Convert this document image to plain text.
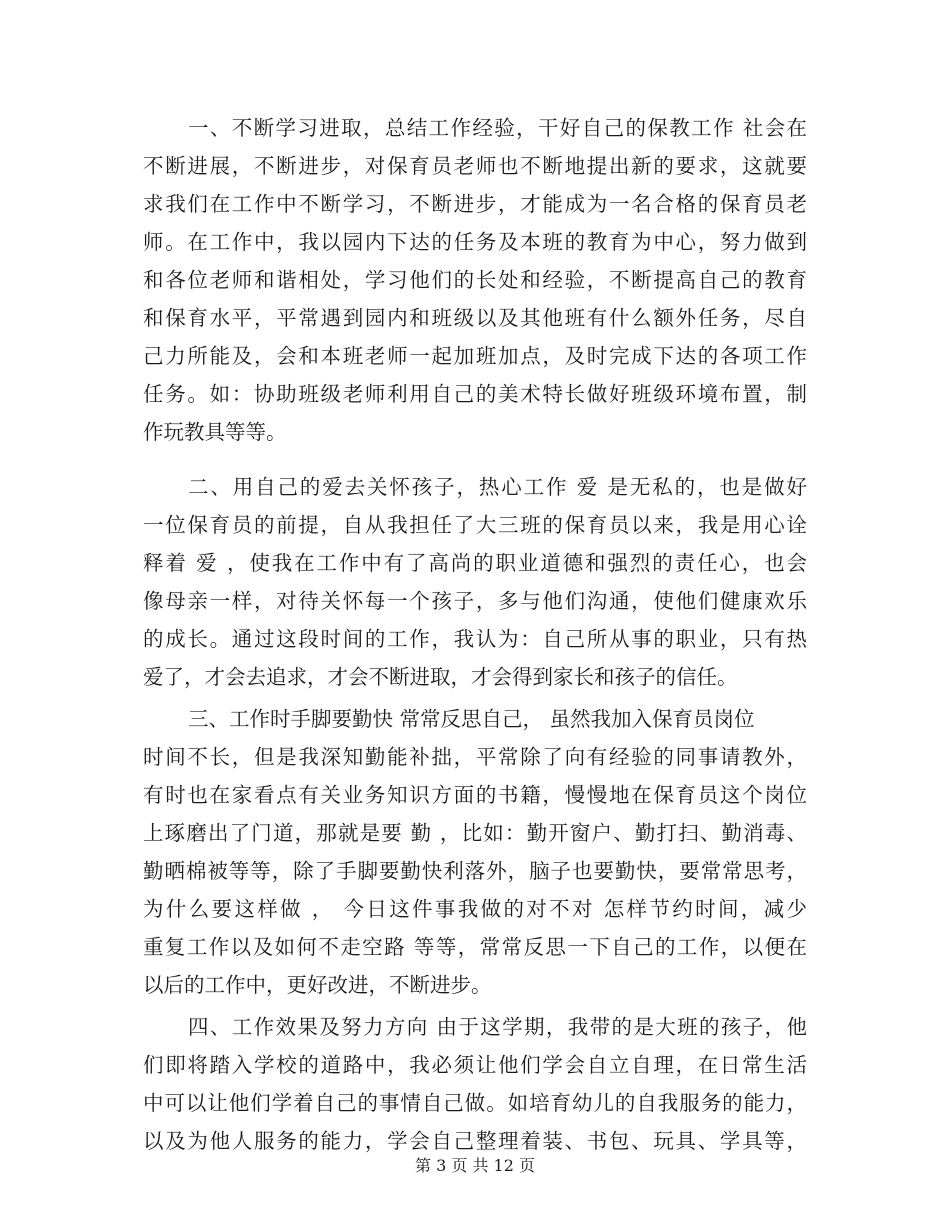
一、不断学习进取，总结工作经验，干好自己的保教工作 社会在
不断进展，不断进步，对保育员老师也不断地提出新的要求，这就要
求我们在工作中不断学习，不断进步，才能成为一名合格的保育员老
师。在工作中，我以园内下达的任务及本班的教育为中心，努力做到
和各位老师和谐相处，学习他们的长处和经验，不断提高自己的教育
和保育水平，平常遇到园内和班级以及其他班有什么额外任务，尽自
己力所能及，会和本班老师一起加班加点，及时完成下达的各项工作
任务。如：协助班级老师利用自己的美术特长做好班级环境布置，制
作玩教具等等。
二、用自己的爱去关怀孩子，热心工作 爱 是无私的，也是做好
一位保育员的前提，自从我担任了大三班的保育员以来，我是用心诠
释着 爱 ，使我在工作中有了高尚的职业道德和强烈的责任心，也会
像母亲一样，对待关怀每一个孩子，多与他们沟通，使他们健康欢乐
的成长。通过这段时间的工作，我认为：自己所从事的职业，只有热
爱了，才会去追求，才会不断进取，才会得到家长和孩子的信任。
三、工作时手脚要勤快 常常反思自己， 虽然我加入保育员岗位
时间不长，但是我深知勤能补拙，平常除了向有经验的同事请教外，
有时也在家看点有关业务知识方面的书籍，慢慢地在保育员这个岗位
上琢磨出了门道，那就是要 勤 ，比如：勤开窗户、勤打扫、勤消毒、
勤晒棉被等等，除了手脚要勤快利落外，脑子也要勤快，要常常思考，
为什么要这样做 ， 今日这件事我做的对不对 怎样节约时间，减少
重复工作以及如何不走空路 等等，常常反思一下自己的工作，以便在
以后的工作中，更好改进，不断进步。
四、工作效果及努力方向 由于这学期，我带的是大班的孩子，他
们即将踏入学校的道路中，我必须让他们学会自立自理，在日常生活
中可以让他们学着自己的事情自己做。如培育幼儿的自我服务的能力，
以及为他人服务的能力，学会自己整理着装、书包、玩具、学具等，
第 3 页 共 12 页
